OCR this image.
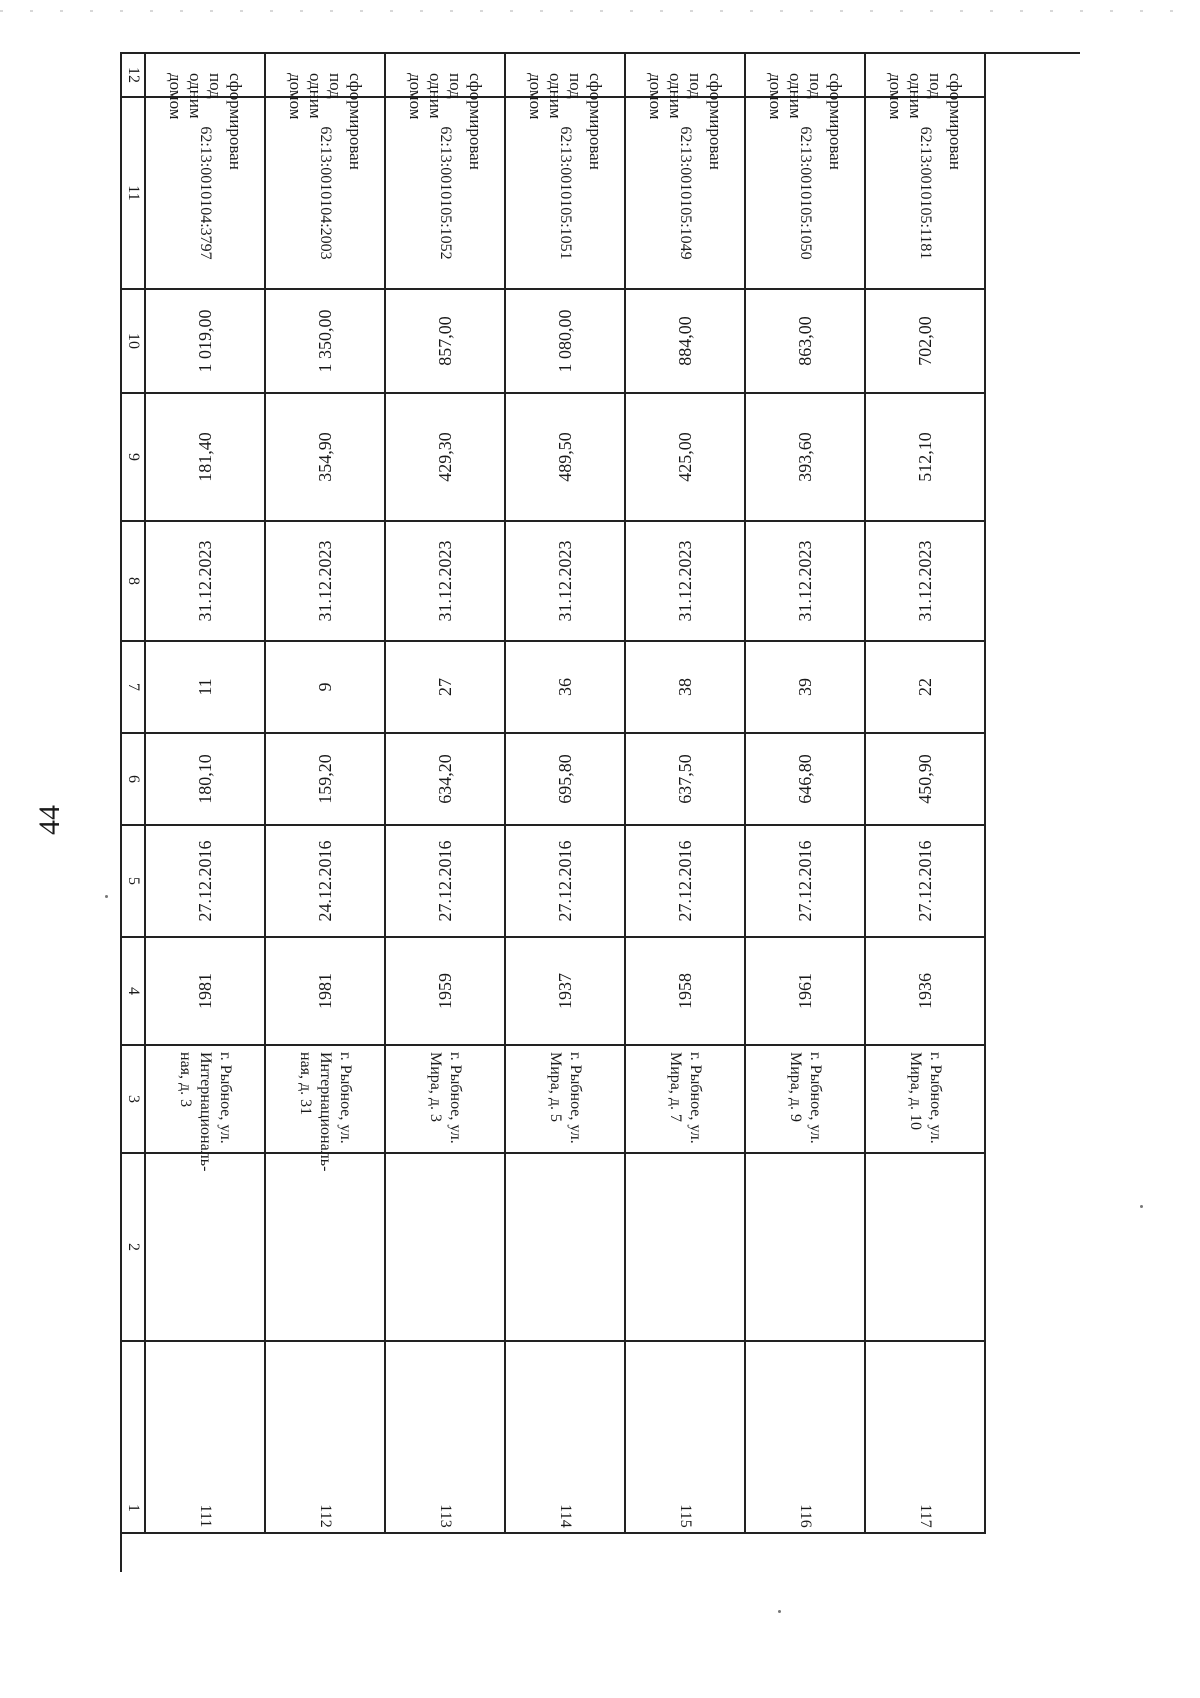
44
12
11
10
9
8
7
6
5
4
3
2
1
сформирован под одним домом
62:13:0010104:3797
1 019,00
181,40
31.12.2023
11
180,10
27.12.2016
1981
г. Рыбное, ул. Интернациональ-ная, д. 3
111
сформирован под одним домом
62:13:0010104:2003
1 350,00
354,90
31.12.2023
9
159,20
24.12.2016
1981
г. Рыбное, ул. Интернациональ-ная, д. 31
112
сформирован под одним домом
62:13:0010105:1052
857,00
429,30
31.12.2023
27
634,20
27.12.2016
1959
г. Рыбное, ул. Мира, д. 3
113
сформирован под одним домом
62:13:0010105:1051
1 080,00
489,50
31.12.2023
36
695,80
27.12.2016
1937
г. Рыбное, ул. Мира, д. 5
114
сформирован под одним домом
62:13:0010105:1049
884,00
425,00
31.12.2023
38
637,50
27.12.2016
1958
г. Рыбное, ул. Мира, д. 7
115
сформирован под одним домом
62:13:0010105:1050
863,00
393,60
31.12.2023
39
646,80
27.12.2016
1961
г. Рыбное, ул. Мира, д. 9
116
сформирован под одним домом
62:13:0010105:1181
702,00
512,10
31.12.2023
22
450,90
27.12.2016
1936
г. Рыбное, ул. Мира, д. 10
117
